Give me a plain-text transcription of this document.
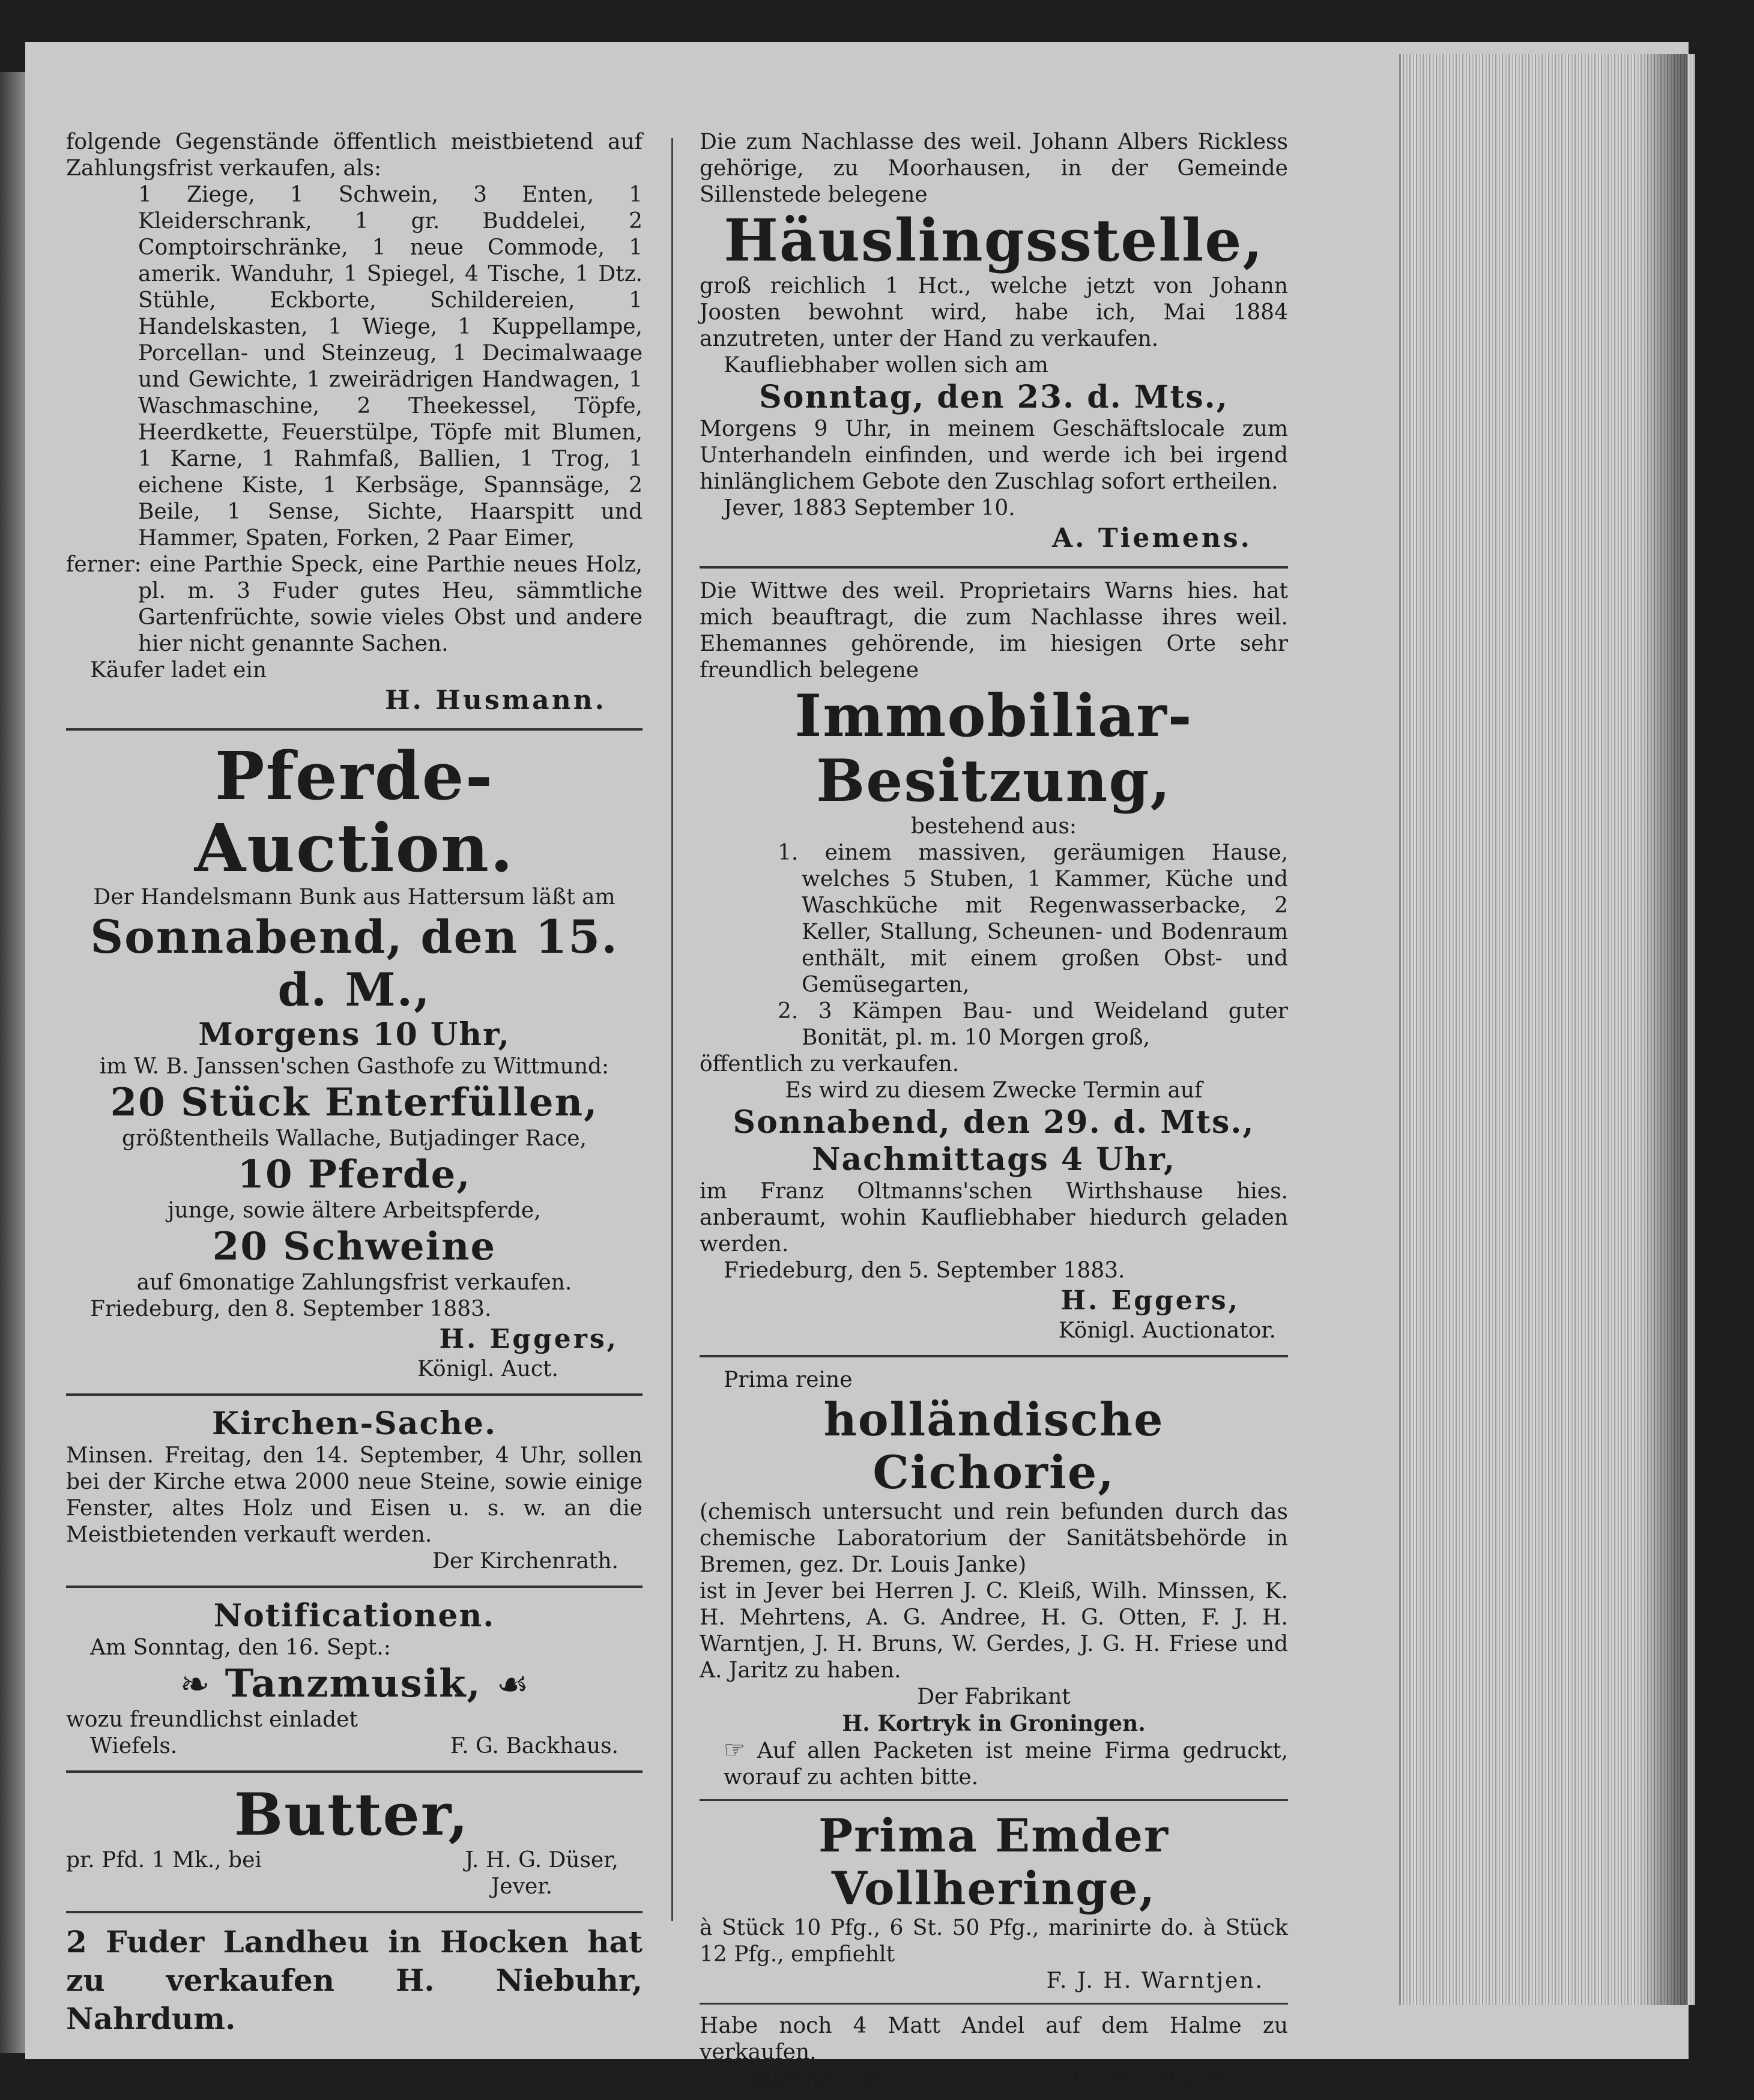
folgende Gegenstände öffentlich meistbietend auf Zahlungsfrist verkaufen, als:
1 Ziege, 1 Schwein, 3 Enten, 1 Kleiderschrank, 1 gr. Buddelei, 2 Comptoirschränke, 1 neue Commode, 1 amerik. Wanduhr, 1 Spiegel, 4 Tische, 1 Dtz. Stühle, Eckborte, Schildereien, 1 Handelskasten, 1 Wiege, 1 Kuppellampe, Porcellan- und Steinzeug, 1 Decimalwaage und Gewichte, 1 zweirädrigen Handwagen, 1 Waschmaschine, 2 Theekessel, Töpfe, Heerdkette, Feuerstülpe, Töpfe mit Blumen, 1 Karne, 1 Rahmfaß, Ballien, 1 Trog, 1 eichene Kiste, 1 Kerbsäge, Spannsäge, 2 Beile, 1 Sense, Sichte, Haarspitt und Hammer, Spaten, Forken, 2 Paar Eimer,
ferner: eine Parthie Speck, eine Parthie neues Holz, pl. m. 3 Fuder gutes Heu, sämmtliche Gartenfrüchte, sowie vieles Obst und andere hier nicht genannte Sachen.
Käufer ladet ein
H. Husmann.
Pferde-Auction.
Der Handelsmann Bunk aus Hattersum läßt am
Sonnabend, den 15. d. M.,
Morgens 10 Uhr,
im W. B. Janssen'schen Gasthofe zu Wittmund:
20 Stück Enterfüllen,
größtentheils Wallache, Butjadinger Race,
10 Pferde,
junge, sowie ältere Arbeitspferde,
20 Schweine
auf 6monatige Zahlungsfrist verkaufen.
Friedeburg, den 8. September 1883.
H. Eggers,
Königl. Auct.
Kirchen-Sache.
Minsen. Freitag, den 14. September, 4 Uhr, sollen bei der Kirche etwa 2000 neue Steine, sowie einige Fenster, altes Holz und Eisen u. s. w. an die Meistbietenden verkauft werden.
Der Kirchenrath.
Notificationen.
Am Sonntag, den 16. Sept.:
❧ Tanzmusik, ☙
wozu freundlichst einladet
Wiefels.	F. G. Backhaus.
Butter,
pr. Pfd. 1 Mk., bei	J. H. G. Düser,
Jever.
2 Fuder Landheu in Hocken hat zu verkaufen H. Niebuhr, Nahrdum.
Die zum Nachlasse des weil. Johann Albers Rickless gehörige, zu Moorhausen, in der Gemeinde Sillenstede belegene
Häuslingsstelle,
groß reichlich 1 Hct., welche jetzt von Johann Joosten bewohnt wird, habe ich, Mai 1884 anzutreten, unter der Hand zu verkaufen.
Kaufliebhaber wollen sich am
Sonntag, den 23. d. Mts.,
Morgens 9 Uhr, in meinem Geschäftslocale zum Unterhandeln einfinden, und werde ich bei irgend hinlänglichem Gebote den Zuschlag sofort ertheilen.
Jever, 1883 September 10.
A. Tiemens.
Die Wittwe des weil. Proprietairs Warns hies. hat mich beauftragt, die zum Nachlasse ihres weil. Ehemannes gehörende, im hiesigen Orte sehr freundlich belegene
Immobiliar-Besitzung,
bestehend aus:
1. einem massiven, geräumigen Hause, welches 5 Stuben, 1 Kammer, Küche und Waschküche mit Regenwasserbacke, 2 Keller, Stallung, Scheunen- und Bodenraum enthält, mit einem großen Obst- und Gemüsegarten,
2. 3 Kämpen Bau- und Weideland guter Bonität, pl. m. 10 Morgen groß,
öffentlich zu verkaufen.
Es wird zu diesem Zwecke Termin auf
Sonnabend, den 29. d. Mts.,
Nachmittags 4 Uhr,
im Franz Oltmanns'schen Wirthshause hies. anberaumt, wohin Kaufliebhaber hiedurch geladen werden.
Friedeburg, den 5. September 1883.
H. Eggers,
Königl. Auctionator.
Prima reine
holländische Cichorie,
(chemisch untersucht und rein befunden durch das chemische Laboratorium der Sanitätsbehörde in Bremen, gez. Dr. Louis Janke)
ist in Jever bei Herren J. C. Kleiß, Wilh. Minssen, K. H. Mehrtens, A. G. Andree, H. G. Otten, F. J. H. Warntjen, J. H. Bruns, W. Gerdes, J. G. H. Friese und A. Jaritz zu haben.
Der Fabrikant
H. Kortryk in Groningen.
☞ Auf allen Packeten ist meine Firma gedruckt, worauf zu achten bitte.
Prima Emder Vollheringe,
à Stück 10 Pfg., 6 St. 50 Pfg., marinirte do. à Stück 12 Pfg., empfiehlt
F. J. H. Warntjen.
Habe noch 4 Matt Andel auf dem Halme zu verkaufen.
Sophienmühle.	E. W. Mulder.
